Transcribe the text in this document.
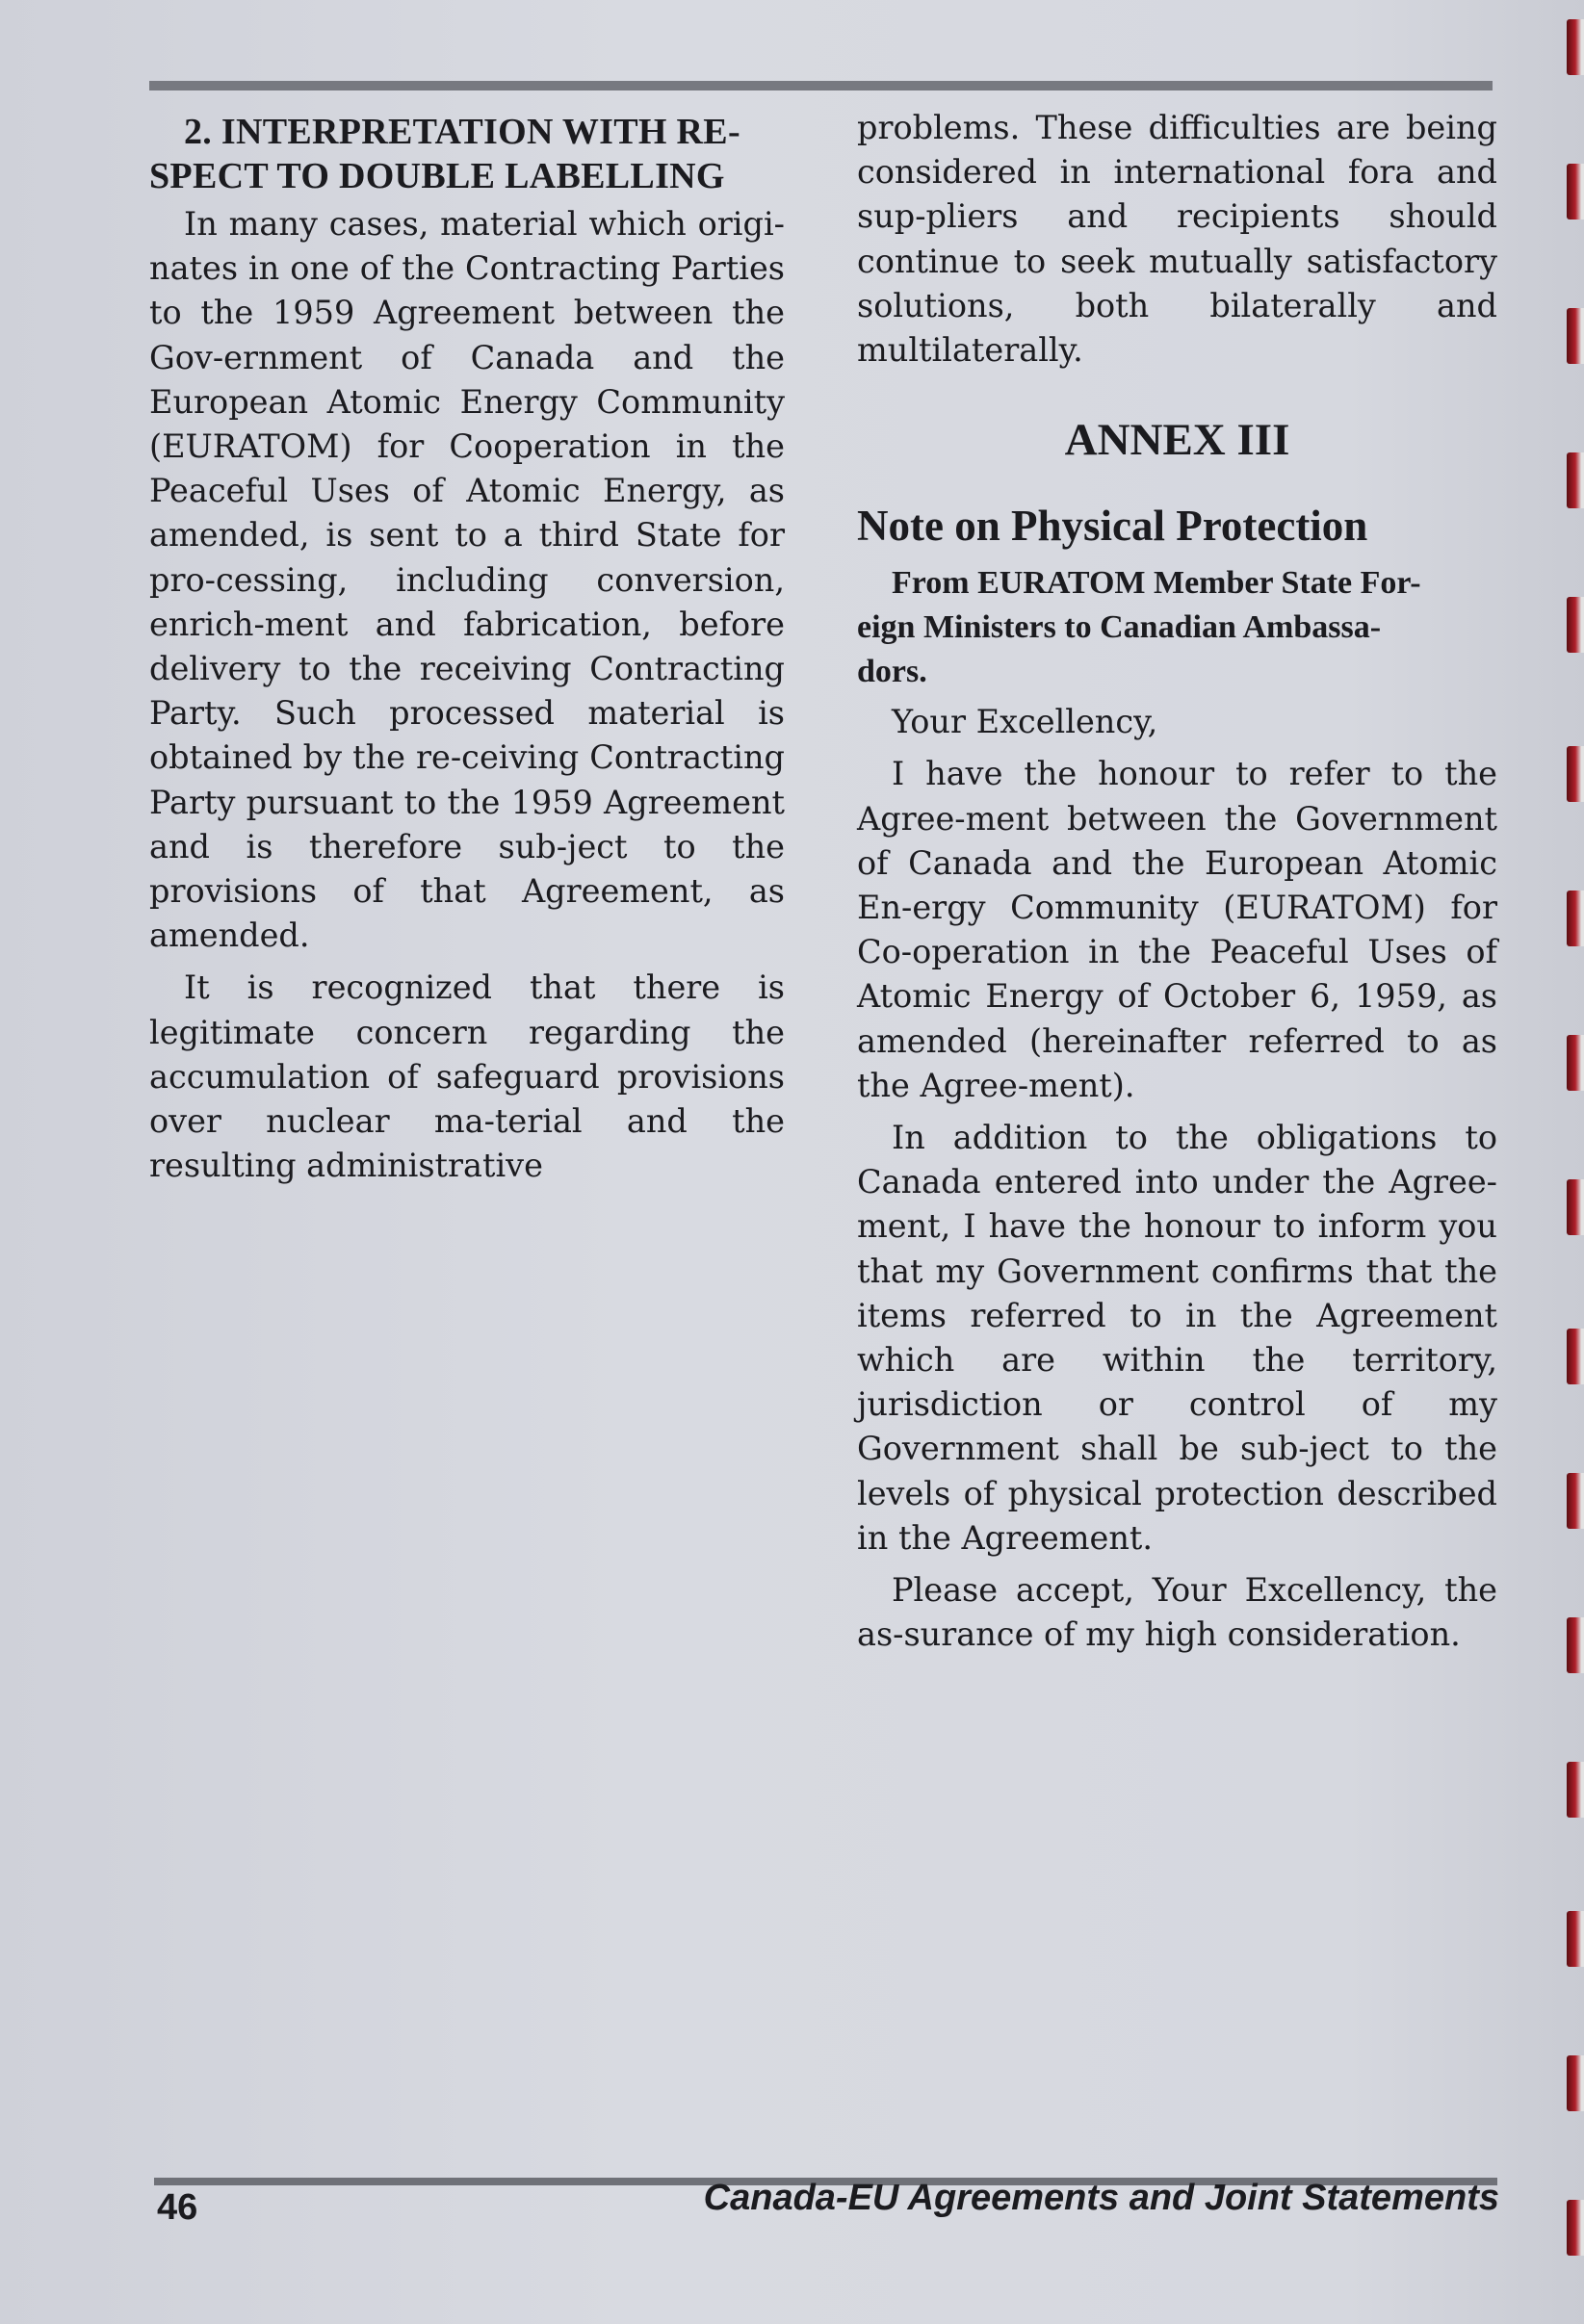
2. INTERPRETATION WITH RE-
SPECT TO DOUBLE LABELLING

In many cases, material which origi-nates in one of the Contracting Parties to the 1959 Agreement between the Gov-ernment of Canada and the European Atomic Energy Community (EURATOM) for Cooperation in the Peaceful Uses of Atomic Energy, as amended, is sent to a third State for pro-cessing, including conversion, enrich-ment and fabrication, before delivery to the receiving Contracting Party. Such processed material is obtained by the re-ceiving Contracting Party pursuant to the 1959 Agreement and is therefore sub-ject to the provisions of that Agreement, as amended.

It is recognized that there is legitimate concern regarding the accumulation of safeguard provisions over nuclear ma-terial and the resulting administrative

problems. These difficulties are being considered in international fora and sup-pliers and recipients should continue to seek mutually satisfactory solutions, both bilaterally and multilaterally.

ANNEX III
Note on Physical Protection
From EURATOM Member State For-
eign Ministers to Canadian Ambassa-
dors.

Your Excellency,

I have the honour to refer to the Agree-ment between the Government of Canada and the European Atomic En-ergy Community (EURATOM) for Co-operation in the Peaceful Uses of Atomic Energy of October 6, 1959, as amended (hereinafter referred to as the Agree-ment).

In addition to the obligations to Canada entered into under the Agree-ment, I have the honour to inform you that my Government confirms that the items referred to in the Agreement which are within the territory, jurisdiction or control of my Government shall be sub-ject to the levels of physical protection described in the Agreement.

Please accept, Your Excellency, the as-surance of my high consideration.

46	Canada-EU Agreements and Joint Statements
